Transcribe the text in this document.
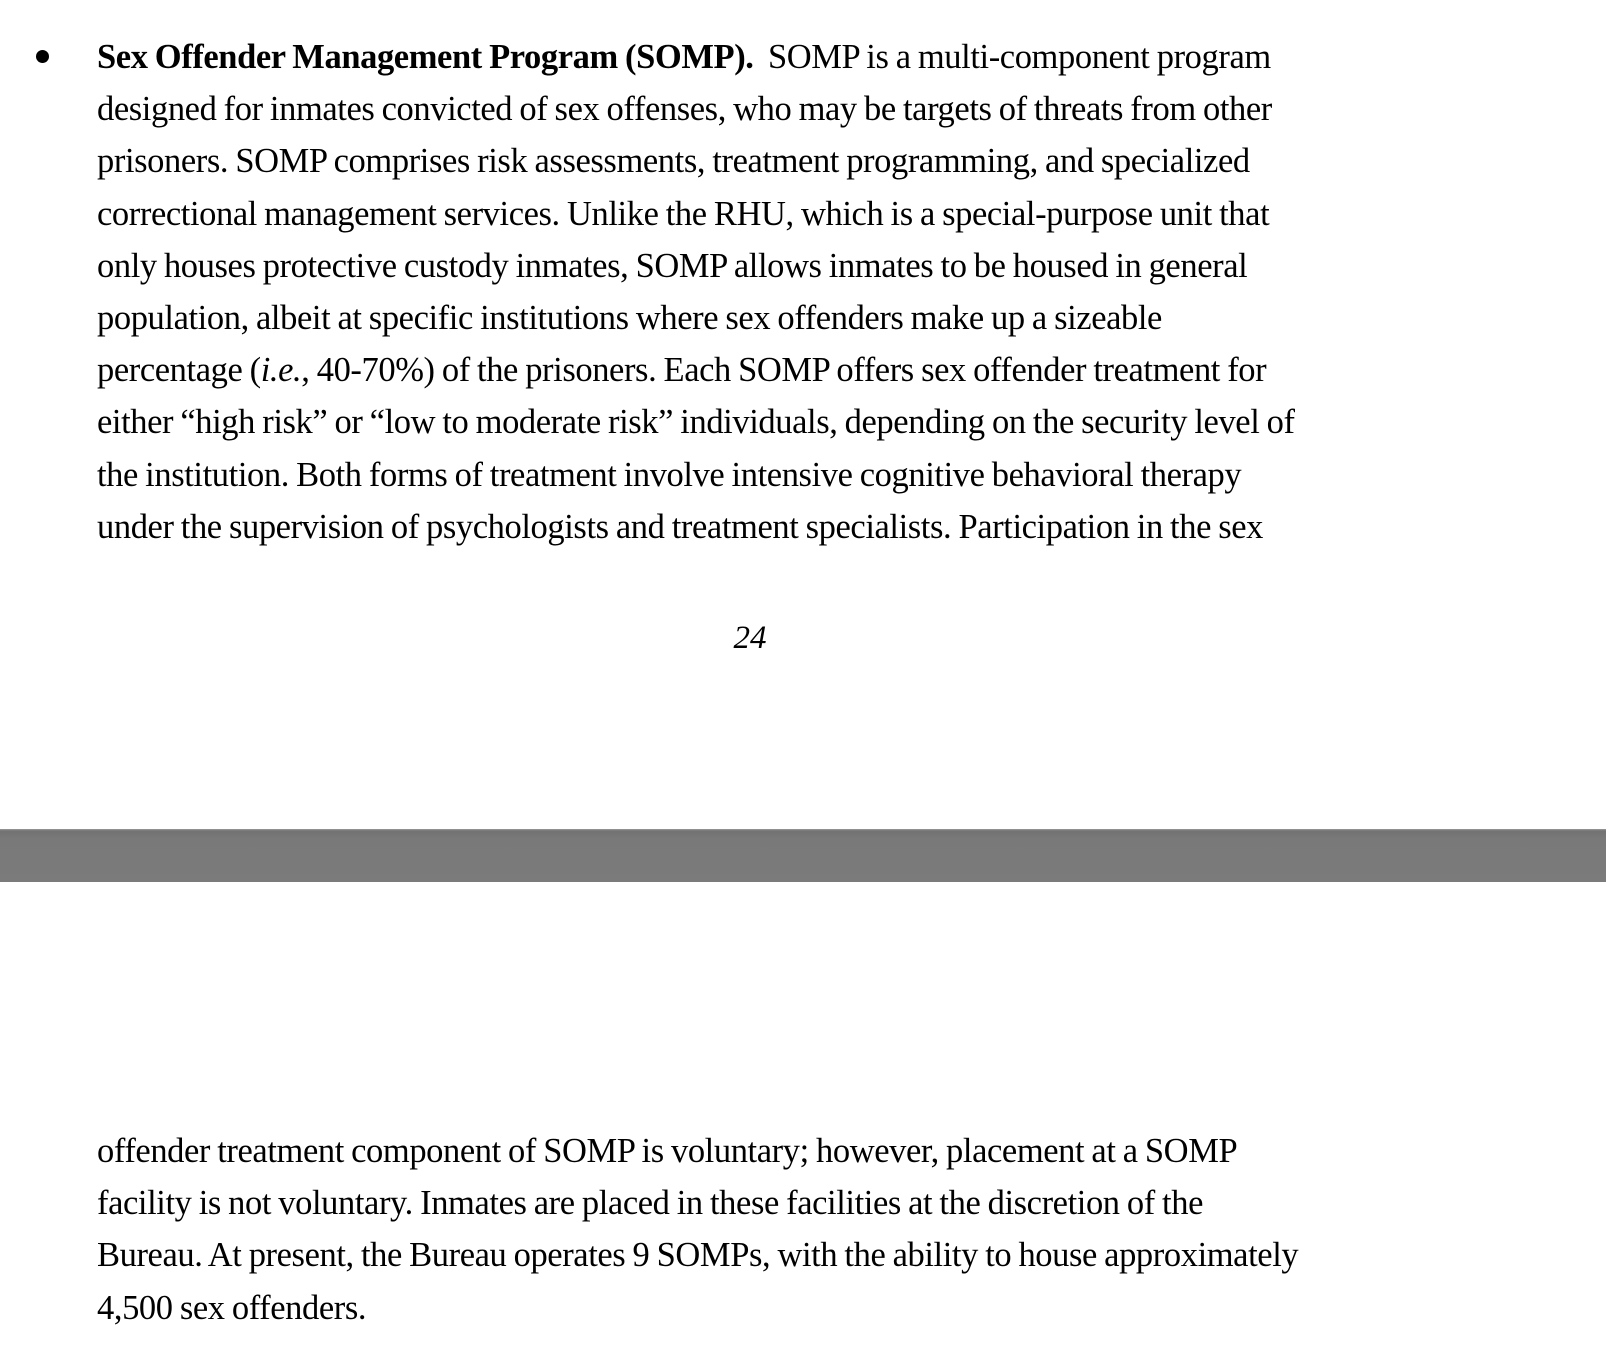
Sex Offender Management Program (SOMP). SOMP is a multi-component program
designed for inmates convicted of sex offenses, who may be targets of threats from other
prisoners. SOMP comprises risk assessments, treatment programming, and specialized
correctional management services. Unlike the RHU, which is a special-purpose unit that
only houses protective custody inmates, SOMP allows inmates to be housed in general
population, albeit at specific institutions where sex offenders make up a sizeable
percentage (i.e., 40-70%) of the prisoners. Each SOMP offers sex offender treatment for
either “high risk” or “low to moderate risk” individuals, depending on the security level of
the institution. Both forms of treatment involve intensive cognitive behavioral therapy
under the supervision of psychologists and treatment specialists. Participation in the sex
24
offender treatment component of SOMP is voluntary; however, placement at a SOMP
facility is not voluntary. Inmates are placed in these facilities at the discretion of the
Bureau. At present, the Bureau operates 9 SOMPs, with the ability to house approximately
4,500 sex offenders.
